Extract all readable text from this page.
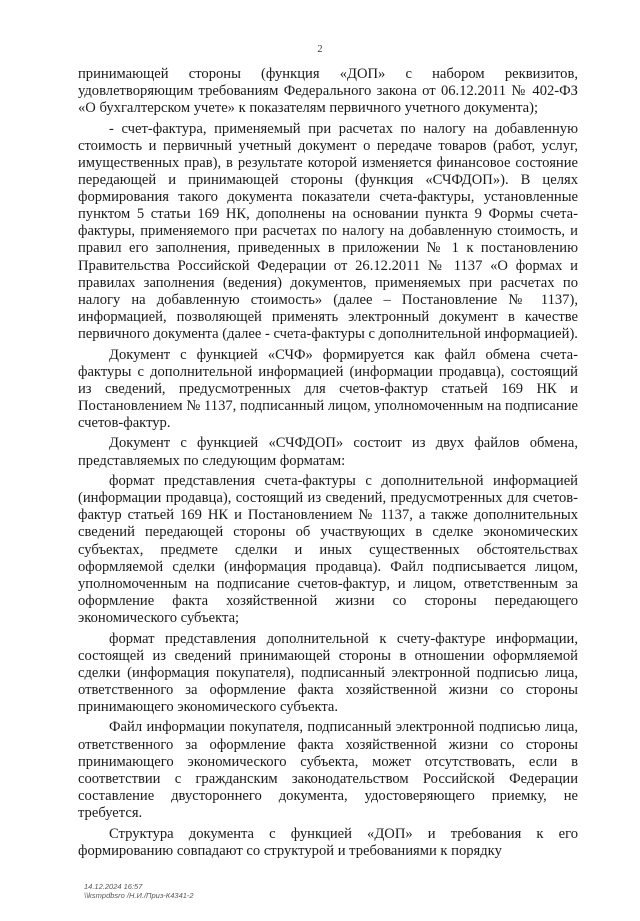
2

принимающей стороны (функция «ДОП» с набором реквизитов, удовлетворяющим требованиям Федерального закона от 06.12.2011 № 402-ФЗ «О бухгалтерском учете» к показателям первичного учетного документа);

- счет-фактура, применяемый при расчетах по налогу на добавленную стоимость и первичный учетный документ о передаче товаров (работ, услуг, имущественных прав), в результате которой изменяется финансовое состояние передающей и принимающей стороны (функция «СЧФДОП»). В целях формирования такого документа показатели счета-фактуры, установленные пунктом 5 статьи 169 НК, дополнены на основании пункта 9 Формы счета-фактуры, применяемого при расчетах по налогу на добавленную стоимость, и правил его заполнения, приведенных в приложении № 1 к постановлению Правительства Российской Федерации от 26.12.2011 № 1137 «О формах и правилах заполнения (ведения) документов, применяемых при расчетах по налогу на добавленную стоимость» (далее – Постановление № 1137), информацией, позволяющей применять электронный документ в качестве первичного документа (далее - счета-фактуры с дополнительной информацией).

Документ с функцией «СЧФ» формируется как файл обмена счета-фактуры с дополнительной информацией (информации продавца), состоящий из сведений, предусмотренных для счетов-фактур статьей 169 НК и Постановлением № 1137, подписанный лицом, уполномоченным на подписание счетов-фактур.

Документ с функцией «СЧФДОП» состоит из двух файлов обмена, представляемых по следующим форматам:

формат представления счета-фактуры с дополнительной информацией (информации продавца), состоящий из сведений, предусмотренных для счетов-фактур статьей 169 НК и Постановлением № 1137, а также дополнительных сведений передающей стороны об участвующих в сделке экономических субъектах, предмете сделки и иных существенных обстоятельствах оформляемой сделки (информация продавца). Файл подписывается лицом, уполномоченным на подписание счетов-фактур, и лицом, ответственным за оформление факта хозяйственной жизни со стороны передающего экономического субъекта;

формат представления дополнительной к счету-фактуре информации, состоящей из сведений принимающей стороны в отношении оформляемой сделки (информация покупателя), подписанный электронной подписью лица, ответственного за оформление факта хозяйственной жизни со стороны принимающего экономического субъекта.

Файл информации покупателя, подписанный электронной подписью лица, ответственного за оформление факта хозяйственной жизни со стороны принимающего экономического субъекта, может отсутствовать, если в соответствии с гражданским законодательством Российской Федерации составление двустороннего документа, удостоверяющего приемку, не требуется.

Структура документа с функцией «ДОП» и требования к его формированию совпадают со структурой и требованиями к порядку

14.12.2024 16:57
\\ksmpdbsro /Н.И./Приз-К4341-2
